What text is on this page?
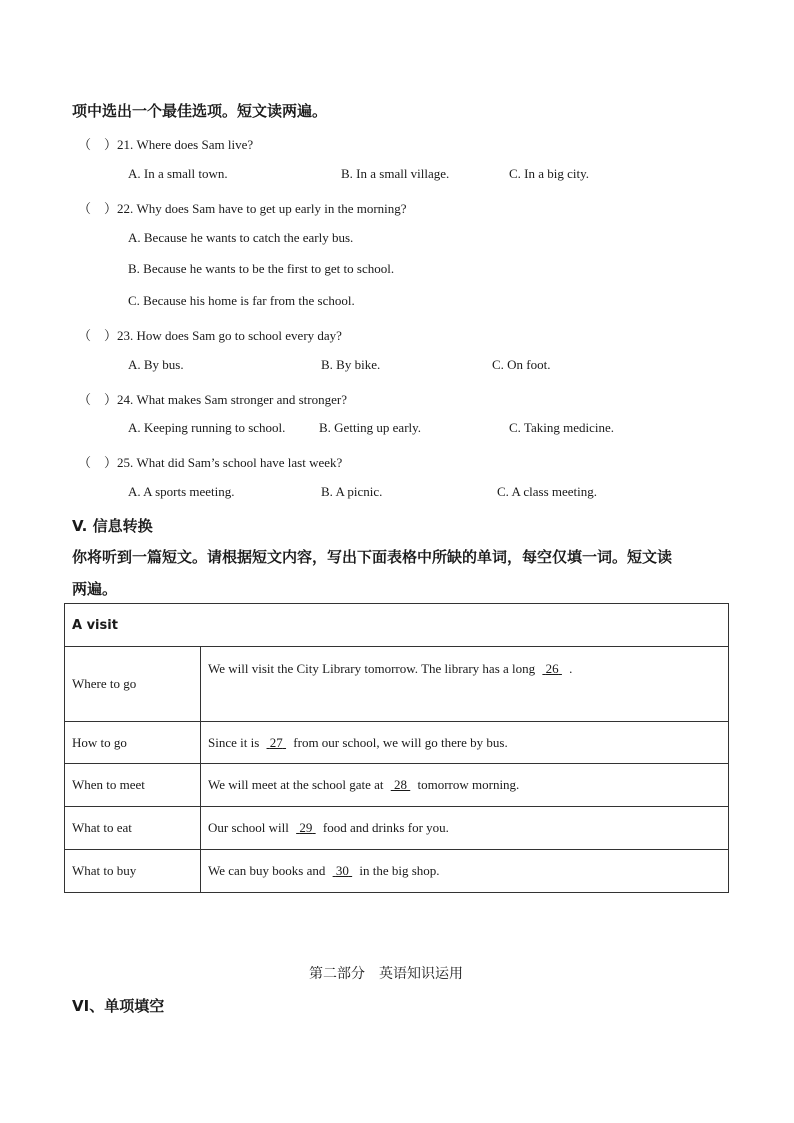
项中选出一个最佳选项。短文读两遍。
（    ）21. Where does Sam live?
A. In a small town.	B. In a small village.	C. In a big city.
（    ）22. Why does Sam have to get up early in the morning?
A. Because he wants to catch the early bus.
B. Because he wants to be the first to get to school.
C. Because his home is far from the school.
（    ）23. How does Sam go to school every day?
A. By bus.	B. By bike.	C. On foot.
（    ）24. What makes Sam stronger and stronger?
A. Keeping running to school.	B. Getting up early.	C. Taking medicine.
（    ）25. What did Sam’s school have last week?
A. A sports meeting.	B. A picnic.	C. A class meeting.
V. 信息转换
你将听到一篇短文。请根据短文内容，写出下面表格中所缺的单词，每空仅填一词。短文读
两遍。
A visit	
Where to go	We will visit the City Library tomorrow. The library has a long 26 .
How to go	Since it is 27 from our school, we will go there by bus.
When to meet	We will meet at the school gate at 28 tomorrow morning.
What to eat	Our school will 29 food and drinks for you.
What to buy	We can buy books and 30 in the big shop.
第二部分　英语知识运用
VI、单项填空
